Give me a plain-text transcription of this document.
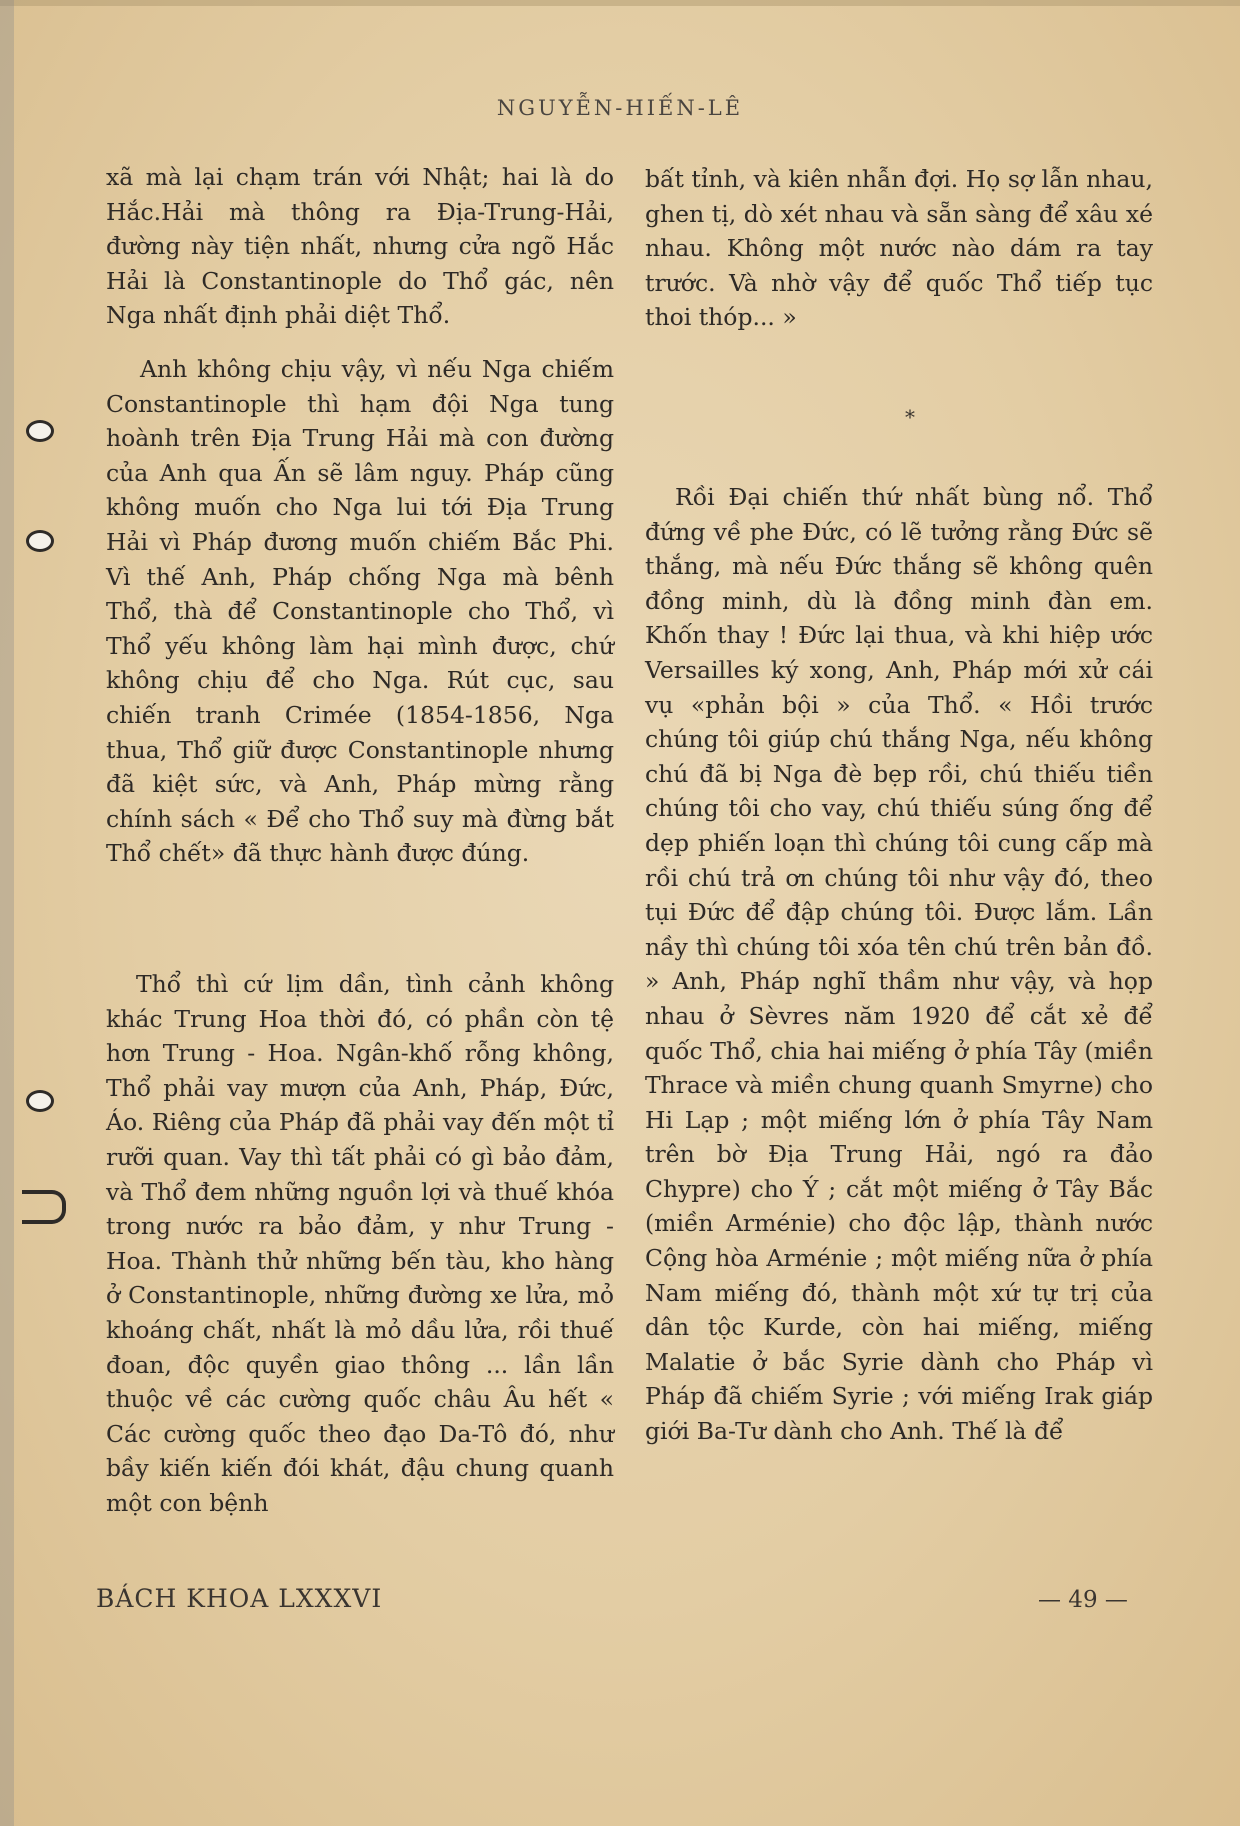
NGUYỄN-HIẾN-LÊ

xã mà lại chạm trán với Nhật; hai là do Hắc.Hải mà thông ra Địa-Trung-Hải, đường này tiện nhất, nhưng cửa ngõ Hắc Hải là Constantinople do Thổ gác, nên Nga nhất định phải diệt Thổ.

Anh không chịu vậy, vì nếu Nga chiếm Constantinople thì hạm đội Nga tung hoành trên Địa Trung Hải mà con đường của Anh qua Ấn sẽ lâm nguy. Pháp cũng không muốn cho Nga lui tới Địa Trung Hải vì Pháp đương muốn chiếm Bắc Phi. Vì thế Anh, Pháp chống Nga mà bênh Thổ, thà để Constantinople cho Thổ, vì Thổ yếu không làm hại mình được, chứ không chịu để cho Nga. Rút cục, sau chiến tranh Crimée (1854-1856, Nga thua, Thổ giữ được Constantinople nhưng đã kiệt sức, và Anh, Pháp mừng rằng chính sách « Để cho Thổ suy mà đừng bắt Thổ chết» đã thực hành được đúng.

Thổ thì cứ lịm dần, tình cảnh không khác Trung Hoa thời đó, có phần còn tệ hơn Trung - Hoa. Ngân-khố rỗng không, Thổ phải vay mượn của Anh, Pháp, Đức, Áo. Riêng của Pháp đã phải vay đến một tỉ rưỡi quan. Vay thì tất phải có gì bảo đảm, và Thổ đem những nguồn lợi và thuế khóa trong nước ra bảo đảm, y như Trung - Hoa. Thành thử những bến tàu, kho hàng ở Constantinople, những đường xe lửa, mỏ khoáng chất, nhất là mỏ dầu lửa, rồi thuế đoan, độc quyền giao thông ... lần lần thuộc về các cường quốc châu Âu hết « Các cường quốc theo đạo Da-Tô đó, như bầy kiến kiến đói khát, đậu chung quanh một con bệnh

bất tỉnh, và kiên nhẫn đợi. Họ sợ lẫn nhau, ghen tị, dò xét nhau và sẵn sàng để xâu xé nhau. Không một nước nào dám ra tay trước. Và nhờ vậy để quốc Thổ tiếp tục thoi thóp... »

Rồi Đại chiến thứ nhất bùng nổ. Thổ đứng về phe Đức, có lẽ tưởng rằng Đức sẽ thắng, mà nếu Đức thắng sẽ không quên đồng minh, dù là đồng minh đàn em. Khốn thay ! Đức lại thua, và khi hiệp ước Versailles ký xong, Anh, Pháp mới xử cái vụ «phản bội » của Thổ. « Hồi trước chúng tôi giúp chú thắng Nga, nếu không chú đã bị Nga đè bẹp rồi, chú thiếu tiền chúng tôi cho vay, chú thiếu súng ống để dẹp phiến loạn thì chúng tôi cung cấp mà rồi chú trả ơn chúng tôi như vậy đó, theo tụi Đức để đập chúng tôi. Được lắm. Lần nầy thì chúng tôi xóa tên chú trên bản đồ. » Anh, Pháp nghĩ thầm như vậy, và họp nhau ở Sèvres năm 1920 để cắt xẻ để quốc Thổ, chia hai miếng ở phía Tây (miền Thrace và miền chung quanh Smyrne) cho Hi Lạp ; một miếng lớn ở phía Tây Nam trên bờ Địa Trung Hải, ngó ra đảo Chypre) cho Ý ; cắt một miếng ở Tây Bắc (miền Arménie) cho độc lập, thành nước Cộng hòa Arménie ; một miếng nữa ở phía Nam miếng đó, thành một xứ tự trị của dân tộc Kurde, còn hai miếng, miếng Malatie ở bắc Syrie dành cho Pháp vì Pháp đã chiếm Syrie ; với miếng Irak giáp giới Ba-Tư dành cho Anh. Thế là để

*
BÁCH KHOA LXXXVI	— 49 —
